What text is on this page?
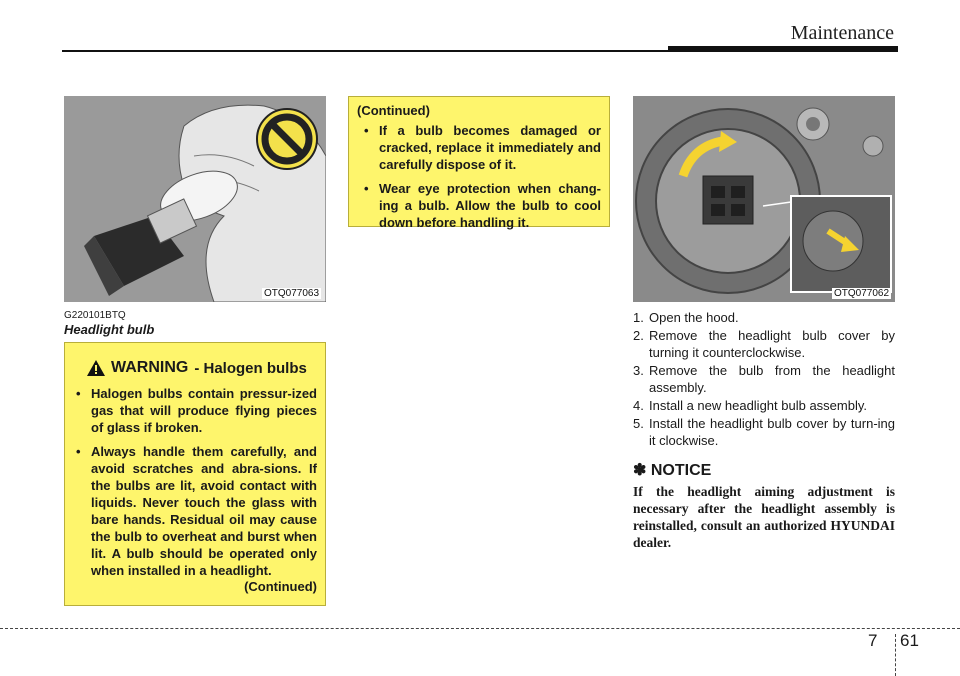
Maintenance
OTQ077063
G220101BTQ
Headlight bulb
WARNING - Halogen bulbs
• Halogen bulbs contain pressur-ized gas that will produce flying pieces of glass if broken.
• Always handle them carefully, and avoid scratches and abra-sions. If the bulbs are lit, avoid contact with liquids. Never touch the glass with bare hands. Residual oil may cause the bulb to overheat and burst when lit. A bulb should be operated only when installed in a headlight.
(Continued)
(Continued)
• If a bulb becomes damaged or cracked, replace it immediately and carefully dispose of it.
• Wear eye protection when chang-ing a bulb. Allow the bulb to cool down before handling it.
OTQ077062
1. Open the hood.
2. Remove the headlight bulb cover by turning it counterclockwise.
3. Remove the bulb from the headlight assembly.
4. Install a new headlight bulb assembly.
5. Install the headlight bulb cover by turn-ing it clockwise.
✽ NOTICE
If the headlight aiming adjustment is necessary after the headlight assembly is reinstalled, consult an authorized HYUNDAI dealer.
7 61
